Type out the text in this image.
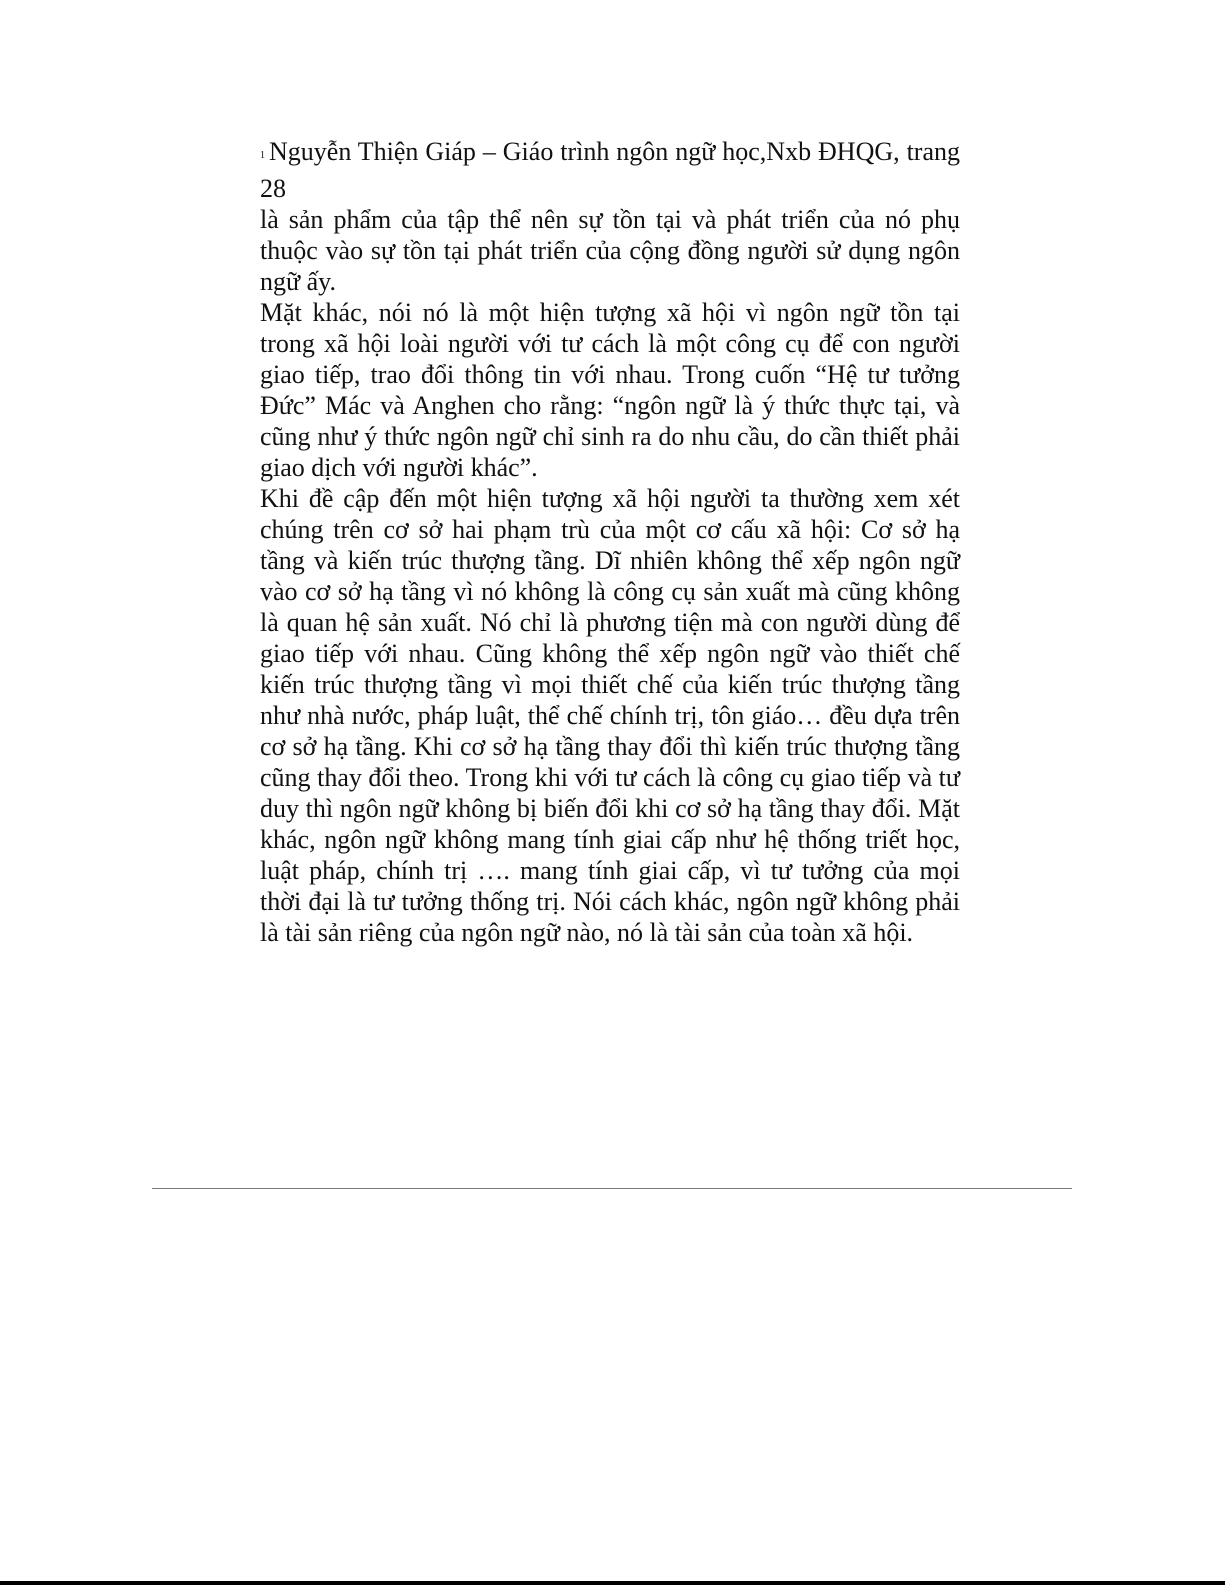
1 Nguyễn Thiện Giáp – Giáo trình ngôn ngữ học,Nxb ĐHQG, trang 28

là sản phẩm của tập thể nên sự tồn tại và phát triển của nó phụ thuộc vào sự tồn tại phát triển của cộng đồng người sử dụng ngôn ngữ ấy.

Mặt khác, nói nó là một hiện tượng xã hội vì ngôn ngữ tồn tại trong xã hội loài người với tư cách là một công cụ để con người giao tiếp, trao đổi thông tin với nhau. Trong cuốn “Hệ tư tưởng Đức” Mác và Anghen cho rằng: “ngôn ngữ là ý thức thực tại, và cũng như ý thức ngôn ngữ chỉ sinh ra do nhu cầu, do cần thiết phải giao dịch với người khác”.

Khi đề cập đến một hiện tượng xã hội người ta thường xem xét chúng trên cơ sở hai phạm trù của một cơ cấu xã hội: Cơ sở hạ tầng và kiến trúc thượng tầng. Dĩ nhiên không thể xếp ngôn ngữ vào cơ sở hạ tầng vì nó không là công cụ sản xuất mà cũng không là quan hệ sản xuất. Nó chỉ là phương tiện mà con người dùng để giao tiếp với nhau. Cũng không thể xếp ngôn ngữ vào thiết chế kiến trúc thượng tầng vì mọi thiết chế của kiến trúc thượng tầng như nhà nước, pháp luật, thể chế chính trị, tôn giáo… đều dựa trên cơ sở hạ tầng. Khi cơ sở hạ tầng thay đổi thì kiến trúc thượng tầng cũng thay đổi theo. Trong khi với tư cách là công cụ giao tiếp và tư duy thì ngôn ngữ không bị biến đổi khi cơ sở hạ tầng thay đổi. Mặt khác, ngôn ngữ không mang tính giai cấp như hệ thống triết học, luật pháp, chính trị …. mang tính giai cấp, vì tư tưởng của mọi thời đại là tư tưởng thống trị. Nói cách khác, ngôn ngữ không phải là tài sản riêng của ngôn ngữ nào, nó là tài sản của toàn xã hội.
